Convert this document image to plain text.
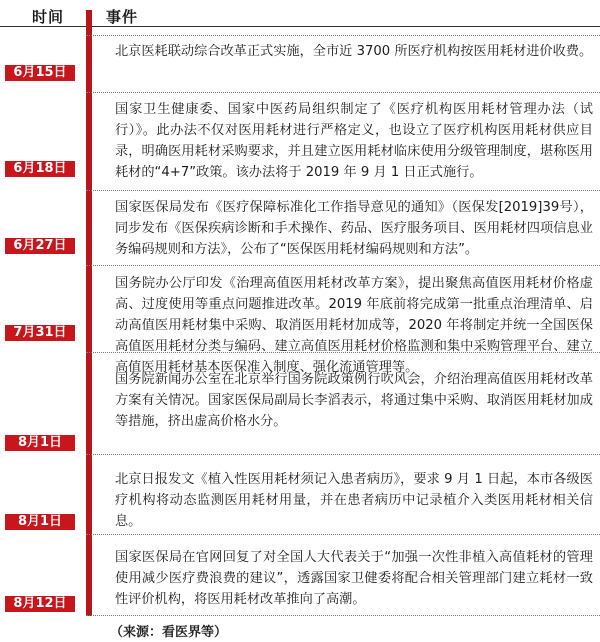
时间	事件
北京医耗联动综合改革正式实施，全市近 3700 所医疗机构按医用耗材进价收费。
6月15日
国家卫生健康委、国家中医药局组织制定了《医疗机构医用耗材管理办法（试行）》。此办法不仅对医用耗材进行严格定义，也设立了医疗机构医用耗材供应目录，明确医用耗材采购要求，并且建立医用耗材临床使用分级管理制度，堪称医用耗材的“4+7”政策。该办法将于 2019 年 9 月 1 日正式施行。
6月18日
国家医保局发布《医疗保障标准化工作指导意见的通知》（医保发[2019]39号），同步发布《医保疾病诊断和手术操作、药品、医疗服务项目、医用耗材四项信息业务编码规则和方法》，公布了“医保医用耗材编码规则和方法”。
6月27日
国务院办公厅印发《治理高值医用耗材改革方案》，提出聚焦高值医用耗材价格虚高、过度使用等重点问题推进改革。2019 年底前将完成第一批重点治理清单、启动高值医用耗材集中采购、取消医用耗材加成等，2020 年将制定并统一全国医保高值医用耗材分类与编码、建立高值医用耗材价格监测和集中采购管理平台、建立高值医用耗材基本医保准入制度、强化流通管理等。
7月31日
国务院新闻办公室在北京举行国务院政策例行吹风会，介绍治理高值医用耗材改革方案有关情况。国家医保局副局长李滔表示，将通过集中采购、取消医用耗材加成等措施，挤出虚高价格水分。
8月1日
北京日报发文《植入性医用耗材须记入患者病历》，要求 9 月 1 日起，本市各级医疗机构将动态监测医用耗材用量，并在患者病历中记录植介入类医用耗材相关信息。
8月1日
国家医保局在官网回复了对全国人大代表关于“加强一次性非植入高值耗材的管理使用减少医疗费浪费的建议”，透露国家卫健委将配合相关管理部门建立耗材一致性评价机构，将医用耗材改革推向了高潮。
8月12日
（来源：看医界等）
